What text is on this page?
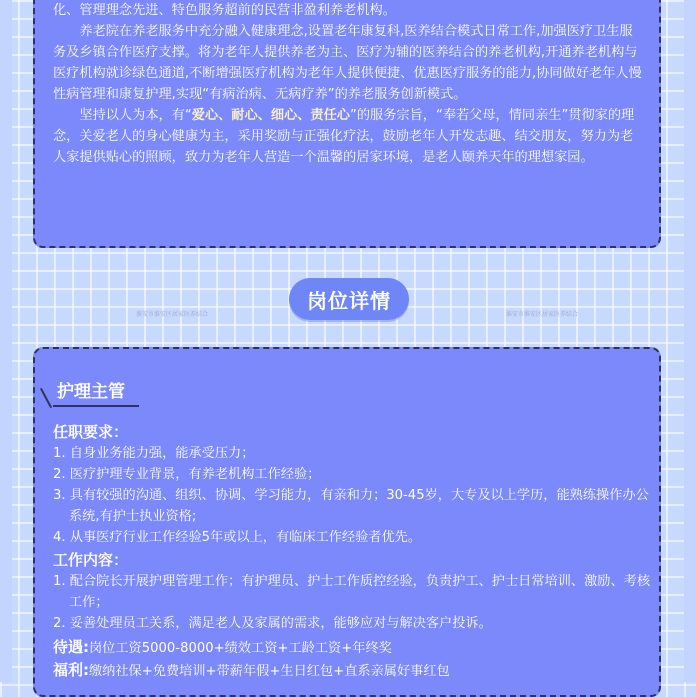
化、管理理念先进、特色服务超前的民营非盈利养老机构。

养老院在养老服务中充分融入健康理念,设置老年康复科,医养结合模式日常工作,加强医疗卫生服务及乡镇合作医疗支撑。将为老年人提供养老为主、医疗为辅的医养结合的养老机构,开通养老机构与医疗机构就诊绿色通道,不断增强医疗机构为老年人提供便捷、优惠医疗服务的能力,协同做好老年人慢性病管理和康复护理,实现“有病治病、无病疗养”的养老服务创新模式。

坚持以人为本，有“爱心、耐心、细心、责任心”的服务宗旨，“奉若父母，情同亲生”贯彻家的理念，关爱老人的身心健康为主，采用奖励与正强化疗法，鼓励老年人开发志趣、结交朋友，努力为老人家提供贴心的照顾，致力为老年人营造一个温馨的居家环境，是老人颐养天年的理想家园。

岗位详情
淮安市淮安区居家医养结合	淮安市淮安区居家医养结合
护理主管
任职要求：
1. 自身业务能力强，能承受压力；
2. 医疗护理专业背景，有养老机构工作经验；
3. 具有较强的沟通、组织、协调、学习能力，有亲和力；30-45岁，大专及以上学历，能熟练操作办公系统,有护士执业资格;
4. 从事医疗行业工作经验5年或以上，有临床工作经验者优先。
工作内容：
1. 配合院长开展护理管理工作；有护理员、护士工作质控经验，负责护工、护士日常培训、激励、考核工作；
2. 妥善处理员工关系，满足老人及家属的需求，能够应对与解决客户投诉。
待遇:岗位工资5000-8000+绩效工资+工龄工资+年终奖
福利:缴纳社保+免费培训+带薪年假+生日红包+直系亲属好事红包
